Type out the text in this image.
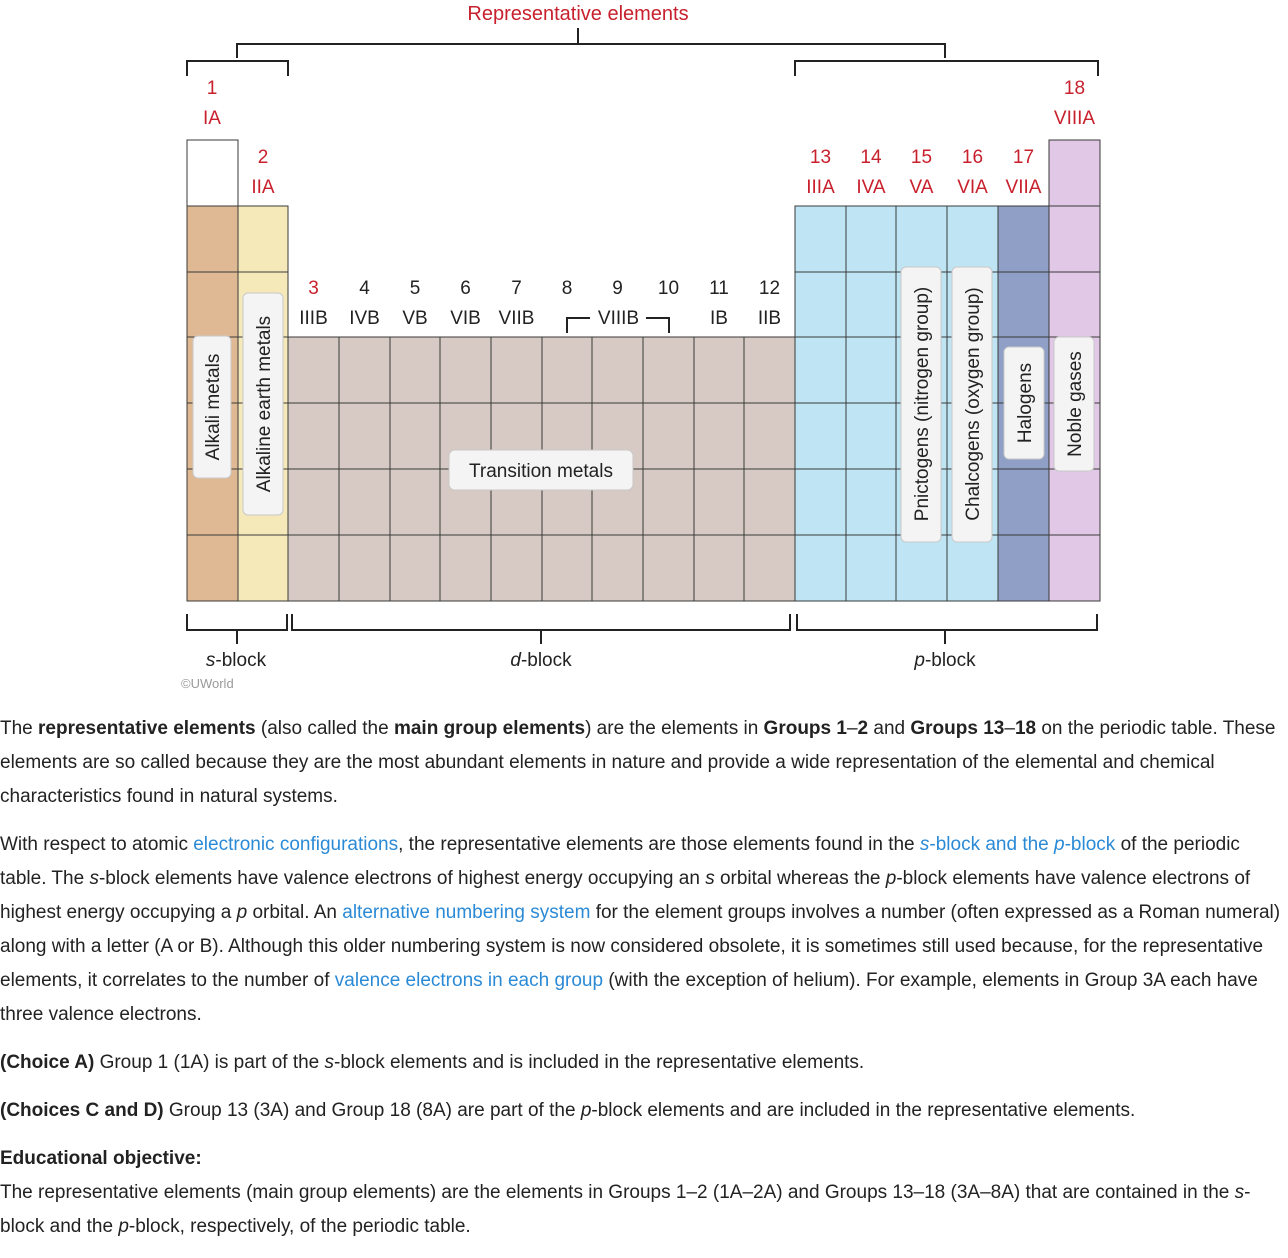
Representative elements
1
IA
2
IIA
13
IIIA
14
IVA
15
VA
16
VIA
17
VIIA
18
VIIIA
3
IIIB
4
IVB
5
VB
6
VIB
7
VIIB
8 9
VIIIB
10 11
IB
12
IIB
Alkali metals Alkaline earth metals	Transition metals	Pnictogens (nitrogen group) Chalcogens (oxygen group) Halogens Noble gases
s-block	d-block	p-block
©UWorld

The representative elements (also called the main group elements) are the elements in Groups 1–2 and Groups 13–18 on the periodic table. These elements are so called because they are the most abundant elements in nature and provide a wide representation of the elemental and chemical characteristics found in natural systems.

With respect to atomic electronic configurations, the representative elements are those elements found in the s-block and the p-block of the periodic table. The s-block elements have valence electrons of highest energy occupying an s orbital whereas the p-block elements have valence electrons of highest energy occupying a p orbital. An alternative numbering system for the element groups involves a number (often expressed as a Roman numeral) along with a letter (A or B). Although this older numbering system is now considered obsolete, it is sometimes still used because, for the representative elements, it correlates to the number of valence electrons in each group (with the exception of helium). For example, elements in Group 3A each have three valence electrons.

(Choice A) Group 1 (1A) is part of the s-block elements and is included in the representative elements.

(Choices C and D) Group 13 (3A) and Group 18 (8A) are part of the p-block elements and are included in the representative elements.

Educational objective:

The representative elements (main group elements) are the elements in Groups 1–2 (1A–2A) and Groups 13–18 (3A–8A) that are contained in the s-block and the p-block, respectively, of the periodic table.
